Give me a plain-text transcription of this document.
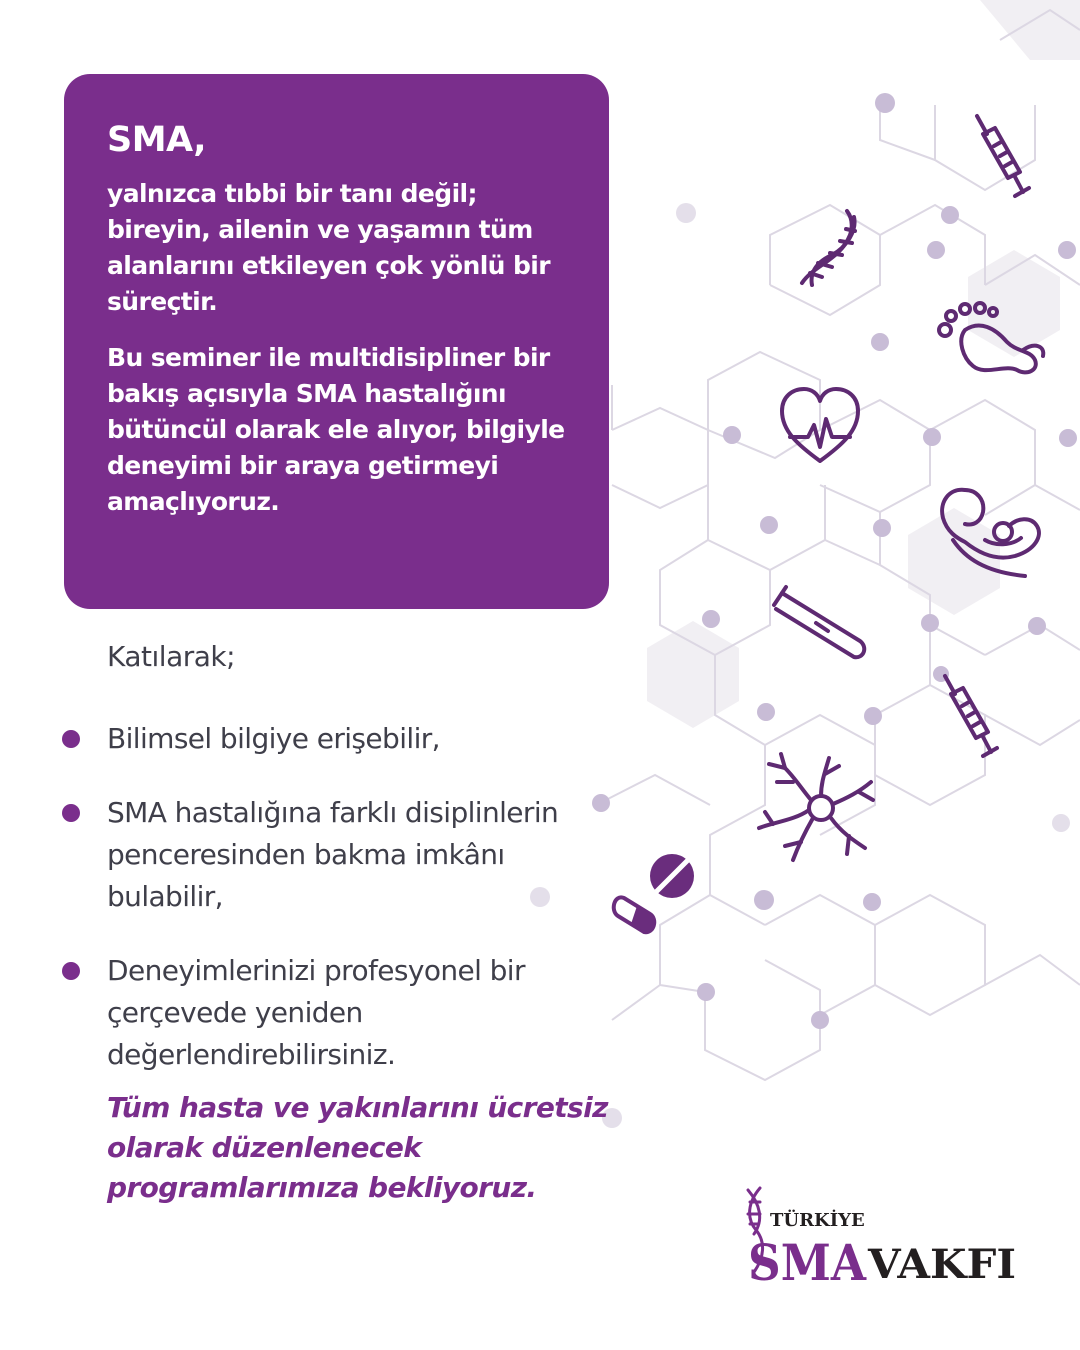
SMA,

yalnızca tıbbi bir tanı değil; bireyin, ailenin ve yaşamın tüm alanlarını etkileyen çok yönlü bir süreçtir.

Bu seminer ile multidisipliner bir bakış açısıyla SMA hastalığını bütüncül olarak ele alıyor, bilgiyle deneyimi bir araya getirmeyi amaçlıyoruz.

Katılarak;
Bilimsel bilgiye erişebilir,
SMA hastalığına farklı disiplinlerin penceresinden bakma imkânı bulabilir,
Deneyimlerinizi profesyonel bir çerçevede yeniden değerlendirebilirsiniz.
Tüm hasta ve yakınlarını ücretsiz olarak düzenlenecek programlarımıza bekliyoruz.
TÜRKİYE
SMA VAKFI
